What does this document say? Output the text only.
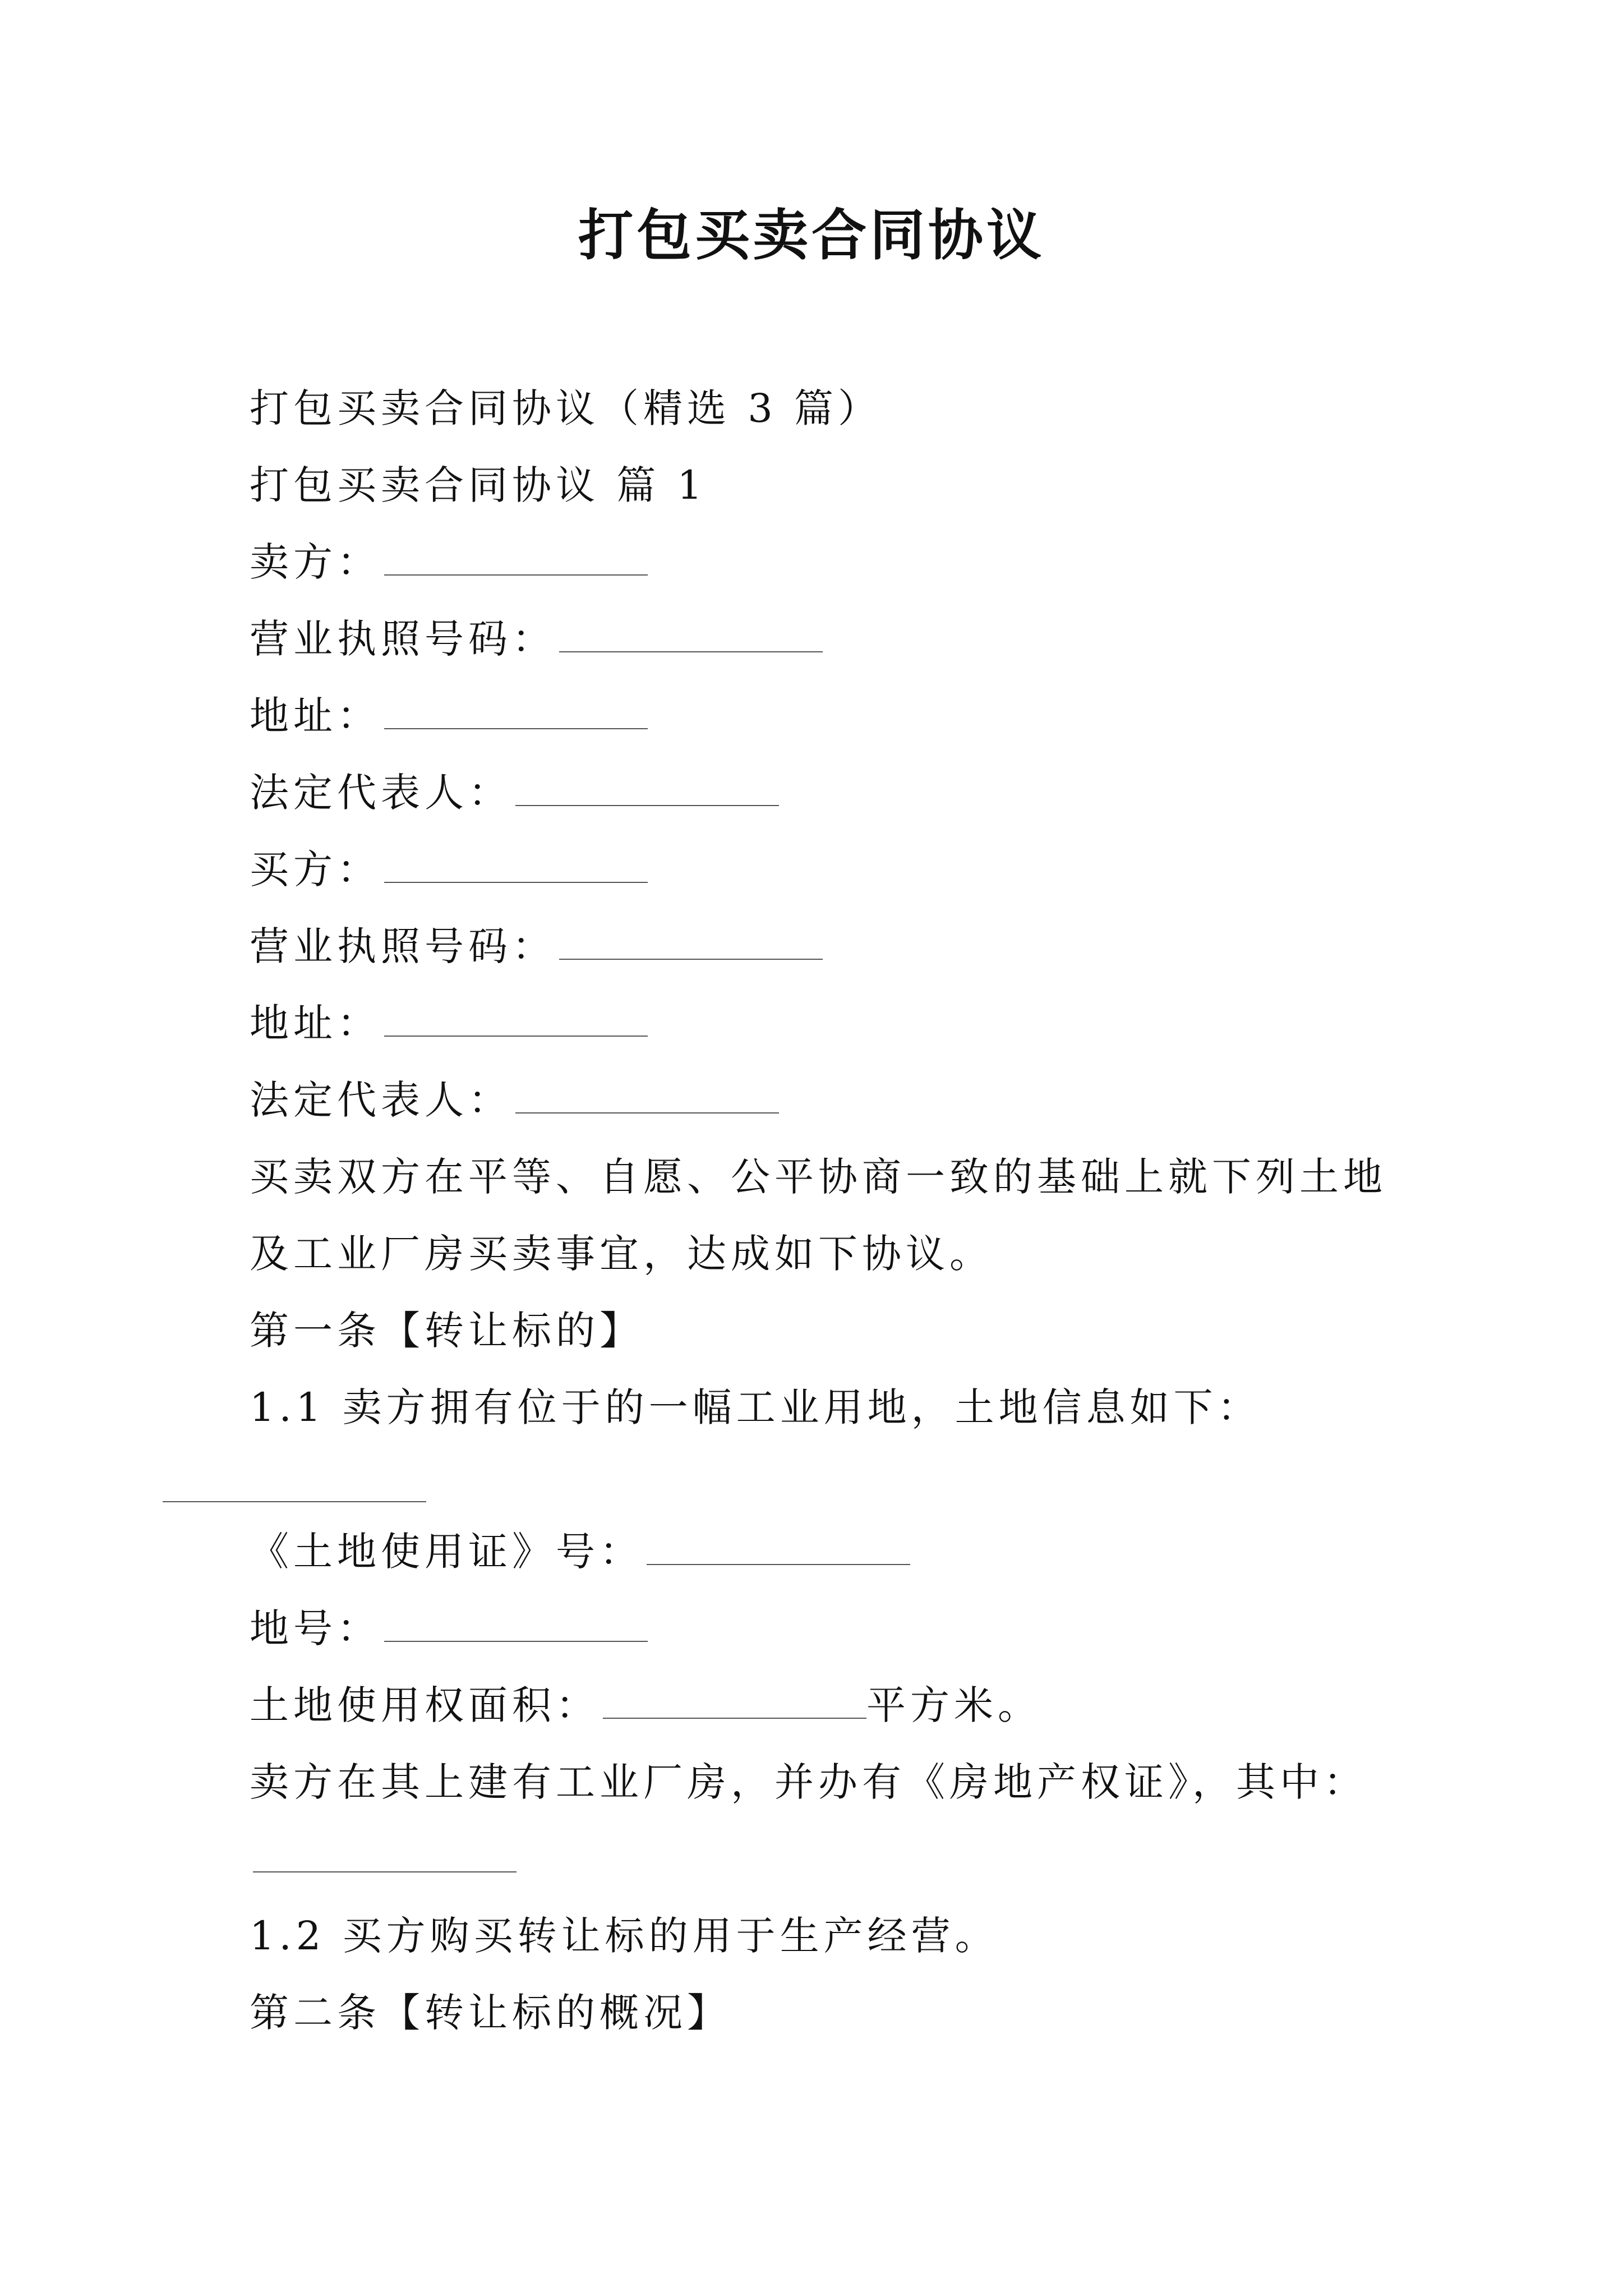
打包买卖合同协议
打包买卖合同协议（精选 3 篇）
打包买卖合同协议 篇 1
卖方：
营业执照号码：
地址：
法定代表人：
买方：
营业执照号码：
地址：
法定代表人：
买卖双方在平等、自愿、公平协商一致的基础上就下列土地及工业厂房买卖事宜，达成如下协议。
第一条【转让标的】
1.1 卖方拥有位于的一幅工业用地，土地信息如下：
《土地使用证》号：
地号：
土地使用权面积：	平方米。
卖方在其上建有工业厂房，并办有《房地产权证》，其中：
1.2 买方购买转让标的用于生产经营。
第二条【转让标的概况】
